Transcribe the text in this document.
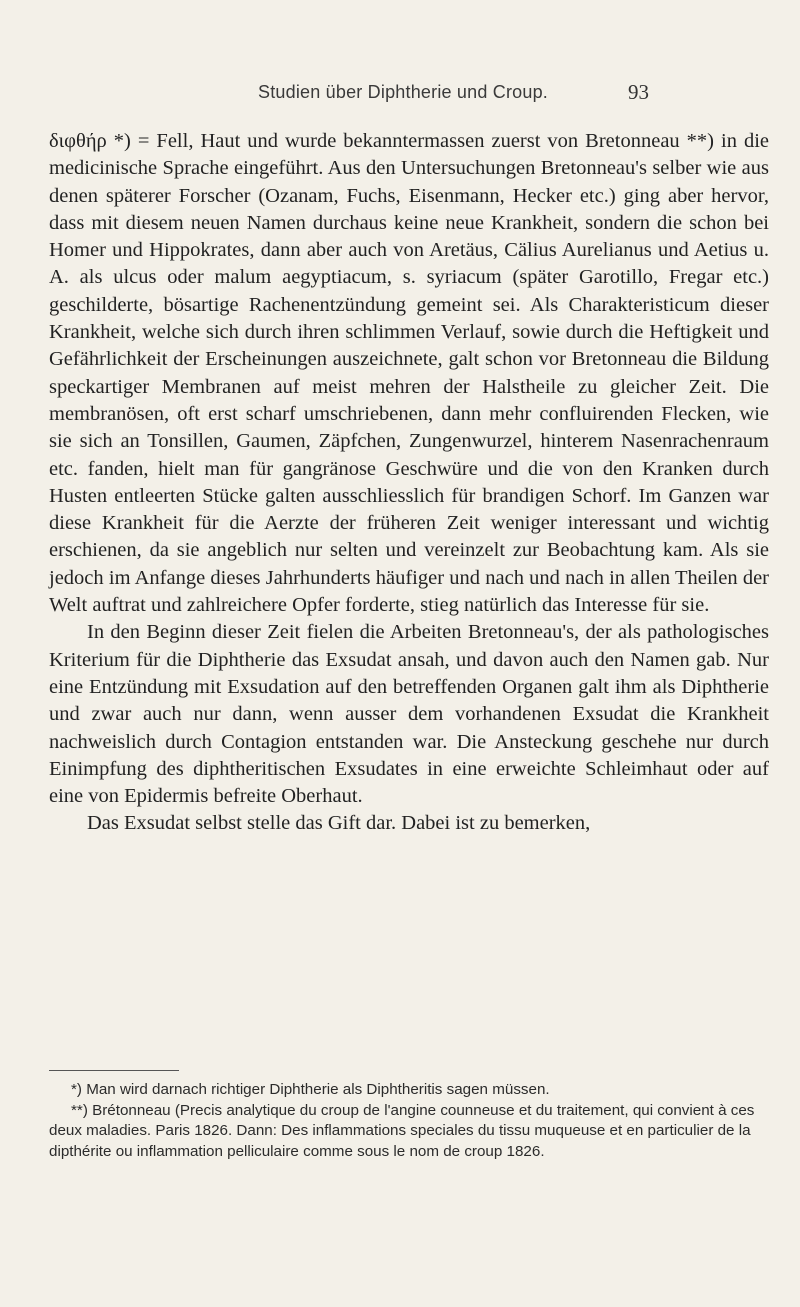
Studien über Diphtherie und Croup.	93

διφθήρ *) = Fell, Haut und wurde bekanntermassen zuerst von Bretonneau **) in die medicinische Sprache eingeführt. Aus den Untersuchungen Bretonneau's selber wie aus denen späterer Forscher (Ozanam, Fuchs, Eisenmann, Hecker etc.) ging aber hervor, dass mit diesem neuen Namen durchaus keine neue Krankheit, sondern die schon bei Homer und Hippokrates, dann aber auch von Aretäus, Cälius Aurelianus und Aetius u. A. als ulcus oder malum aegyptiacum, s. syriacum (später Garotillo, Fregar etc.) geschilderte, bösartige Rachenentzündung gemeint sei. Als Charakteristicum dieser Krankheit, welche sich durch ihren schlimmen Verlauf, sowie durch die Heftigkeit und Gefährlichkeit der Erscheinungen auszeichnete, galt schon vor Bretonneau die Bildung speckartiger Membranen auf meist mehren der Halstheile zu gleicher Zeit. Die membranösen, oft erst scharf umschriebenen, dann mehr confluirenden Flecken, wie sie sich an Tonsillen, Gaumen, Zäpfchen, Zungenwurzel, hinterem Nasenrachenraum etc. fanden, hielt man für gangränose Geschwüre und die von den Kranken durch Husten entleerten Stücke galten ausschliesslich für brandigen Schorf. Im Ganzen war diese Krankheit für die Aerzte der früheren Zeit weniger interessant und wichtig erschienen, da sie angeblich nur selten und vereinzelt zur Beobachtung kam. Als sie jedoch im Anfange dieses Jahrhunderts häufiger und nach und nach in allen Theilen der Welt auftrat und zahlreichere Opfer forderte, stieg natürlich das Interesse für sie.

In den Beginn dieser Zeit fielen die Arbeiten Bretonneau's, der als pathologisches Kriterium für die Diphtherie das Exsudat ansah, und davon auch den Namen gab. Nur eine Entzündung mit Exsudation auf den betreffenden Organen galt ihm als Diphtherie und zwar auch nur dann, wenn ausser dem vorhandenen Exsudat die Krankheit nachweislich durch Contagion entstanden war. Die Ansteckung geschehe nur durch Einimpfung des diphtheritischen Exsudates in eine erweichte Schleimhaut oder auf eine von Epidermis befreite Oberhaut.

Das Exsudat selbst stelle das Gift dar. Dabei ist zu bemerken,

*) Man wird darnach richtiger Diphtherie als Diphtheritis sagen müssen.

**) Brétonneau (Precis analytique du croup de l'angine counneuse et du traitement, qui convient à ces deux maladies. Paris 1826. Dann: Des inflammations speciales du tissu muqueuse et en particulier de la dipthérite ou inflammation pelliculaire comme sous le nom de croup 1826.
